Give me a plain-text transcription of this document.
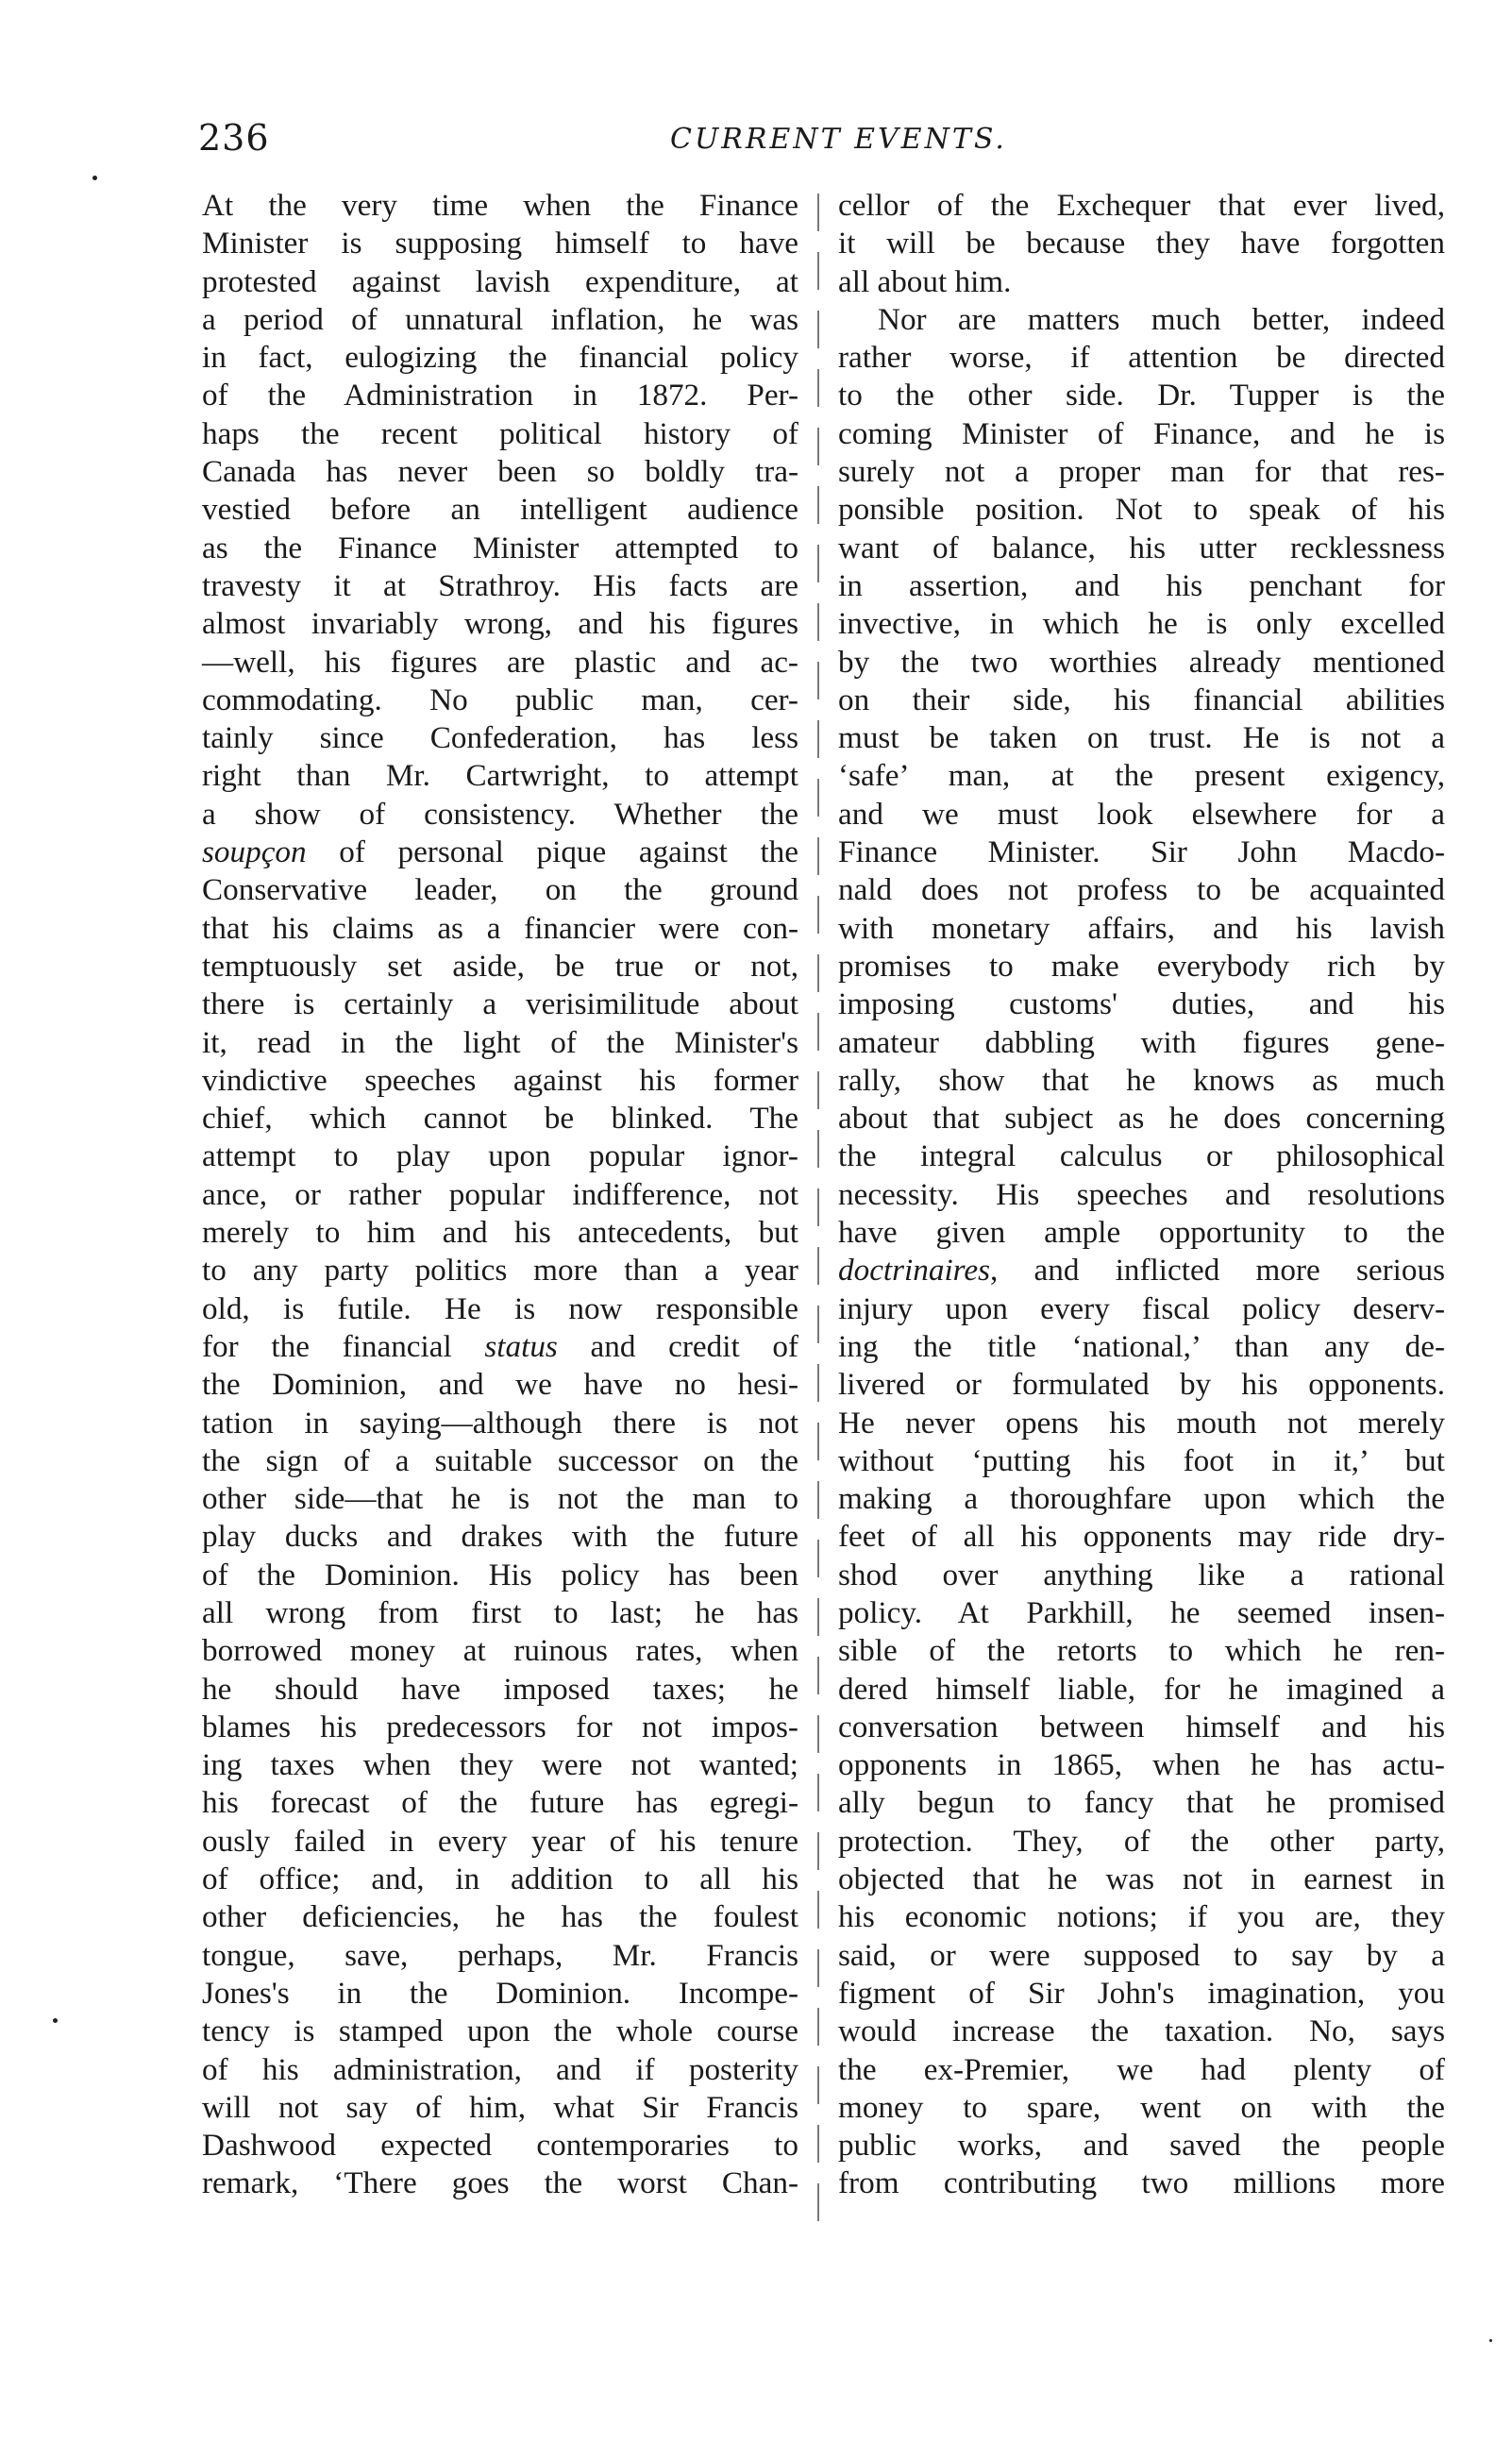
236	CURRENT EVENTS.

At the very time when the Finance
Minister is supposing himself to have
protested against lavish expenditure, at
a period of unnatural inflation, he was
in fact, eulogizing the financial policy
of the Administration in 1872. Per-
haps the recent political history of
Canada has never been so boldly tra-
vestied before an intelligent audience
as the Finance Minister attempted to
travesty it at Strathroy. His facts are
almost invariably wrong, and his figures
—well, his figures are plastic and ac-
commodating. No public man, cer-
tainly since Confederation, has less
right than Mr. Cartwright, to attempt
a show of consistency. Whether the
soupçon of personal pique against the
Conservative leader, on the ground
that his claims as a financier were con-
temptuously set aside, be true or not,
there is certainly a verisimilitude about
it, read in the light of the Minister's
vindictive speeches against his former
chief, which cannot be blinked. The
attempt to play upon popular ignor-
ance, or rather popular indifference, not
merely to him and his antecedents, but
to any party politics more than a year
old, is futile. He is now responsible
for the financial status and credit of
the Dominion, and we have no hesi-
tation in saying—although there is not
the sign of a suitable successor on the
other side—that he is not the man to
play ducks and drakes with the future
of the Dominion. His policy has been
all wrong from first to last; he has
borrowed money at ruinous rates, when
he should have imposed taxes; he
blames his predecessors for not impos-
ing taxes when they were not wanted;
his forecast of the future has egregi-
ously failed in every year of his tenure
of office; and, in addition to all his
other deficiencies, he has the foulest
tongue, save, perhaps, Mr. Francis
Jones's in the Dominion. Incompe-
tency is stamped upon the whole course
of his administration, and if posterity
will not say of him, what Sir Francis
Dashwood expected contemporaries to
remark, ‘There goes the worst Chan-

cellor of the Exchequer that ever lived,
it will be because they have forgotten
all about him.

Nor are matters much better, indeed
rather worse, if attention be directed
to the other side. Dr. Tupper is the
coming Minister of Finance, and he is
surely not a proper man for that res-
ponsible position. Not to speak of his
want of balance, his utter recklessness
in assertion, and his penchant for
invective, in which he is only excelled
by the two worthies already mentioned
on their side, his financial abilities
must be taken on trust. He is not a
‘safe’ man, at the present exigency,
and we must look elsewhere for a
Finance Minister. Sir John Macdo-
nald does not profess to be acquainted
with monetary affairs, and his lavish
promises to make everybody rich by
imposing customs' duties, and his
amateur dabbling with figures gene-
rally, show that he knows as much
about that subject as he does concerning
the integral calculus or philosophical
necessity. His speeches and resolutions
have given ample opportunity to the
doctrinaires, and inflicted more serious
injury upon every fiscal policy deserv-
ing the title ‘national,’ than any de-
livered or formulated by his opponents.
He never opens his mouth not merely
without ‘putting his foot in it,’ but
making a thoroughfare upon which the
feet of all his opponents may ride dry-
shod over anything like a rational
policy. At Parkhill, he seemed insen-
sible of the retorts to which he ren-
dered himself liable, for he imagined a
conversation between himself and his
opponents in 1865, when he has actu-
ally begun to fancy that he promised
protection. They, of the other party,
objected that he was not in earnest in
his economic notions; if you are, they
said, or were supposed to say by a
figment of Sir John's imagination, you
would increase the taxation. No, says
the ex-Premier, we had plenty of
money to spare, went on with the
public works, and saved the people
from contributing two millions more
